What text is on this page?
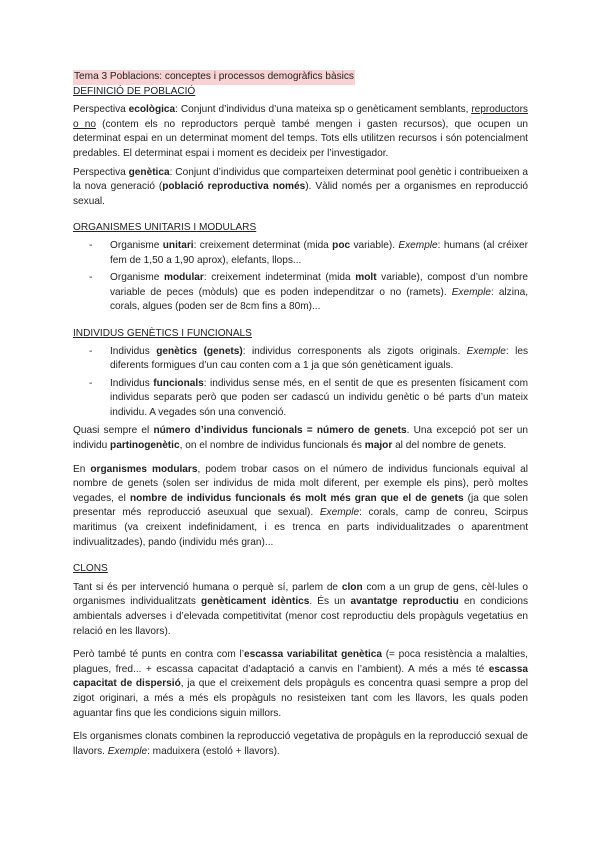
Tema 3 Poblacions: conceptes i processos demogràfics bàsics
DEFINICIÓ DE POBLACIÓ

Perspectiva ecològica: Conjunt d’individus d’una mateixa sp o genèticament semblants, reproductors o no (contem els no reproductors perquè també mengen i gasten recursos), que ocupen un determinat espai en un determinat moment del temps. Tots ells utilitzen recursos i són potencialment predables. El determinat espai i moment es decideix per l’investigador.

Perspectiva genètica: Conjunt d’individus que comparteixen determinat pool genètic i contribueixen a la nova generació (població reproductiva només). Vàlid només per a organismes en reproducció sexual.

ORGANISMES UNITARIS I MODULARS
- Organisme unitari: creixement determinat (mida poc variable). Exemple: humans (al créixer fem de 1,50 a 1,90 aprox), elefants, llops...
- Organisme modular: creixement indeterminat (mida molt variable), compost d’un nombre variable de peces (mòduls) que es poden independitzar o no (ramets). Exemple: alzina, corals, algues (poden ser de 8cm fins a 80m)...
INDIVIDUS GENÈTICS I FUNCIONALS
- Individus genètics (genets): individus corresponents als zigots originals. Exemple: les diferents formigues d’un cau conten com a 1 ja que són genèticament iguals.
- Individus funcionals: individus sense més, en el sentit de que es presenten físicament com individus separats però que poden ser cadascú un individu genètic o bé parts d’un mateix individu. A vegades són una convenció.

Quasi sempre el número d’individus funcionals = número de genets. Una excepció pot ser un individu partinogenètic, on el nombre de individus funcionals és major al del nombre de genets.

En organismes modulars, podem trobar casos on el número de individus funcionals equival al nombre de genets (solen ser individus de mida molt diferent, per exemple els pins), però moltes vegades, el nombre de individus funcionals és molt més gran que el de genets (ja que solen presentar més reproducció aseuxual que sexual). Exemple: corals, camp de conreu, Scirpus maritimus (va creixent indefinidament, i es trenca en parts individualitzades o aparentment indivualitzades), pando (individu més gran)...

CLONS

Tant si és per intervenció humana o perquè sí, parlem de clon com a un grup de gens, cèl·lules o organismes individualitzats genèticament idèntics. És un avantatge reproductiu en condicions ambientals adverses i d’elevada competitivitat (menor cost reproductiu dels propàguls vegetatius en relació en les llavors).

Però també té punts en contra com l’escassa variabilitat genètica (= poca resistència a malalties, plagues, fred... + escassa capacitat d’adaptació a canvis en l’ambient). A més a més té escassa capacitat de dispersió, ja que el creixement dels propàguls es concentra quasi sempre a prop del zigot originari, a més a més els propàguls no resisteixen tant com les llavors, les quals poden aguantar fins que les condicions siguin millors.

Els organismes clonats combinen la reproducció vegetativa de propàguls en la reproducció sexual de llavors. Exemple: maduixera (estoló + llavors).
